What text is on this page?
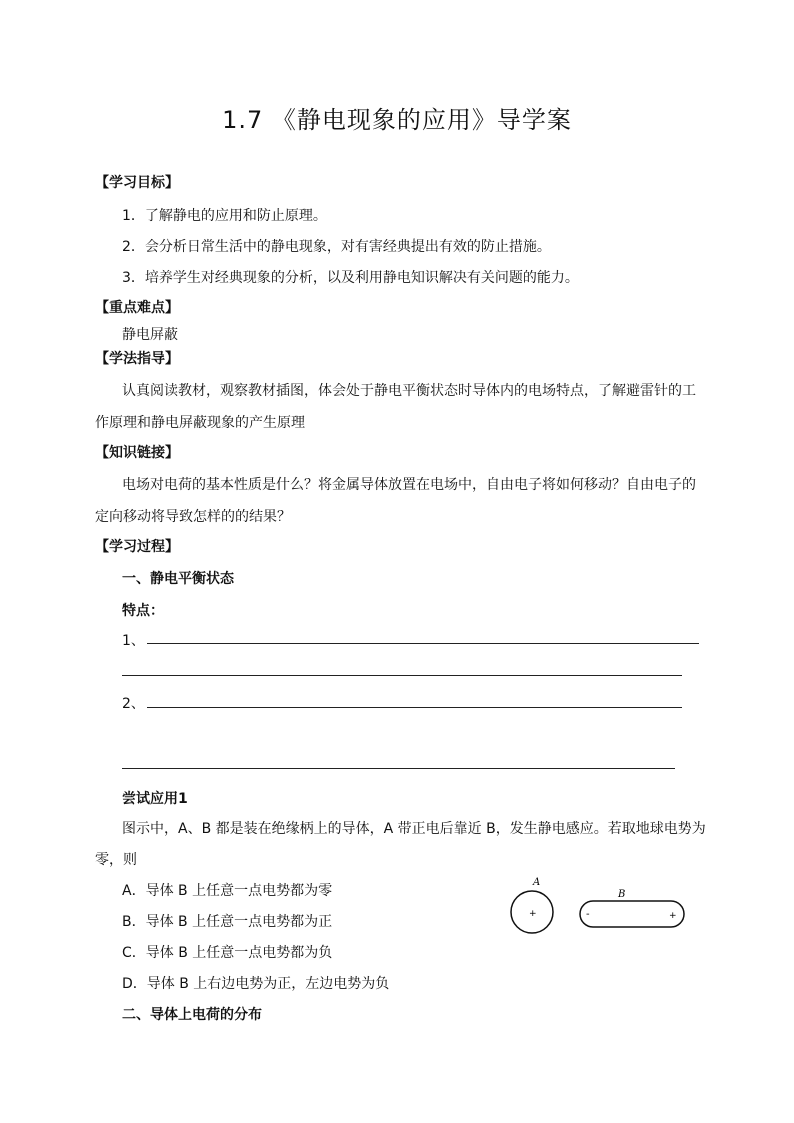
1.7 《静电现象的应用》导学案
【学习目标】
1．了解静电的应用和防止原理。
2．会分析日常生活中的静电现象，对有害经典提出有效的防止措施。
3．培养学生对经典现象的分析，以及利用静电知识解决有关问题的能力。
【重点难点】
静电屏蔽
【学法指导】
认真阅读教材，观察教材插图，体会处于静电平衡状态时导体内的电场特点，了解避雷针的工
作原理和静电屏蔽现象的产生原理
【知识链接】
电场对电荷的基本性质是什么？将金属导体放置在电场中，自由电子将如何移动？自由电子的
定向移动将导致怎样的的结果？
【学习过程】
一、静电平衡状态
特点：
1、
2、
尝试应用1
图示中，A、B 都是装在绝缘柄上的导体，A 带正电后靠近 B，发生静电感应。若取地球电势为
零，则
A．导体 B 上任意一点电势都为零
B．导体 B 上任意一点电势都为正
C．导体 B 上任意一点电势都为负
D．导体 B 上右边电势为正，左边电势为负
A
+
B
-	+
二、导体上电荷的分布
